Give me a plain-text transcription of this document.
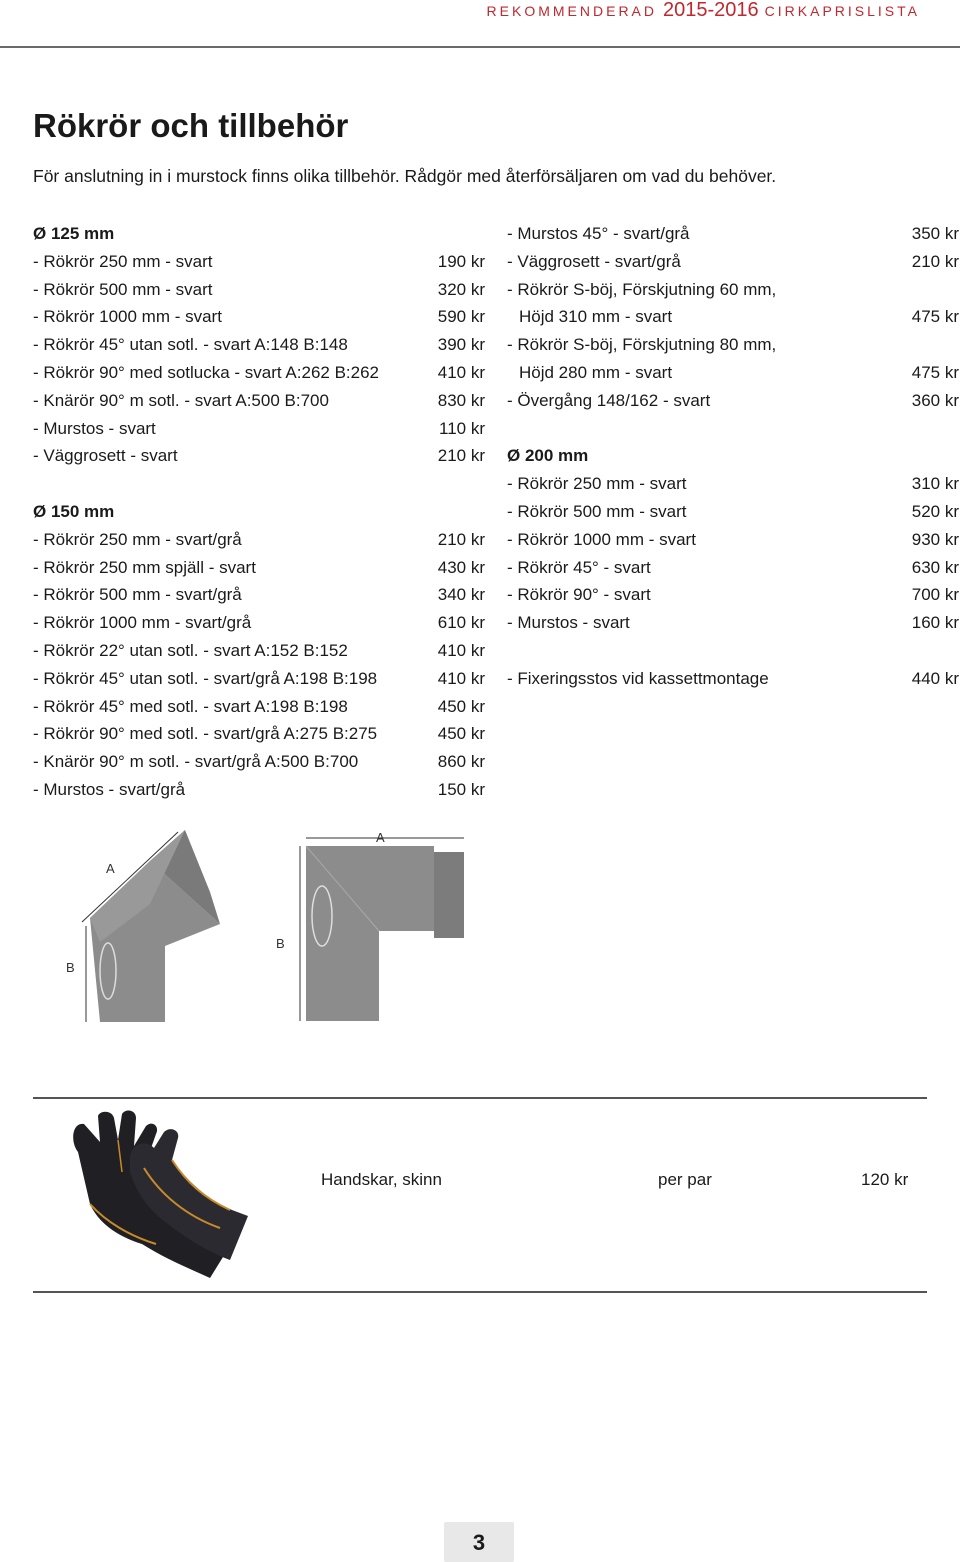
REKOMMENDERAD 2015-2016 CIRKAPRISLISTA
Rökrör och tillbehör

För anslutning in i murstock finns olika tillbehör. Rådgör med återförsäljaren om vad du behöver.

Ø 125 mm
- Rökrör 250 mm - svart	190 kr
- Rökrör 500 mm - svart	320 kr
- Rökrör 1000 mm - svart	590 kr
- Rökrör 45° utan sotl. - svart A:148 B:148	390 kr
- Rökrör 90° med sotlucka - svart A:262 B:262	410 kr
- Knärör 90° m sotl. - svart A:500 B:700	830 kr
- Murstos - svart	110 kr
- Väggrosett - svart	210 kr
Ø 150 mm
- Rökrör 250 mm - svart/grå	210 kr
- Rökrör 250 mm spjäll - svart	430 kr
- Rökrör 500 mm - svart/grå	340 kr
- Rökrör 1000 mm - svart/grå	610 kr
- Rökrör 22° utan sotl. - svart A:152 B:152	410 kr
- Rökrör 45° utan sotl. - svart/grå A:198 B:198	410 kr
- Rökrör 45° med sotl. - svart A:198 B:198	450 kr
- Rökrör 90° med sotl. - svart/grå A:275 B:275	450 kr
- Knärör 90° m sotl. - svart/grå A:500 B:700	860 kr
- Murstos - svart/grå	150 kr
- Murstos 45° - svart/grå	350 kr
- Väggrosett - svart/grå	210 kr
- Rökrör S-böj, Förskjutning 60 mm,
Höjd 310 mm - svart	475 kr
- Rökrör S-böj, Förskjutning 80 mm,
Höjd 280 mm - svart	475 kr
- Övergång 148/162 - svart	360 kr
Ø 200 mm
- Rökrör 250 mm - svart	310 kr
- Rökrör 500 mm - svart	520 kr
- Rökrör 1000 mm - svart	930 kr
- Rökrör 45° - svart	630 kr
- Rökrör 90° - svart	700 kr
- Murstos - svart	160 kr
- Fixeringsstos vid kassettmontage	440 kr
A
B
A
B
Handskar, skinn	per par	120 kr
3
